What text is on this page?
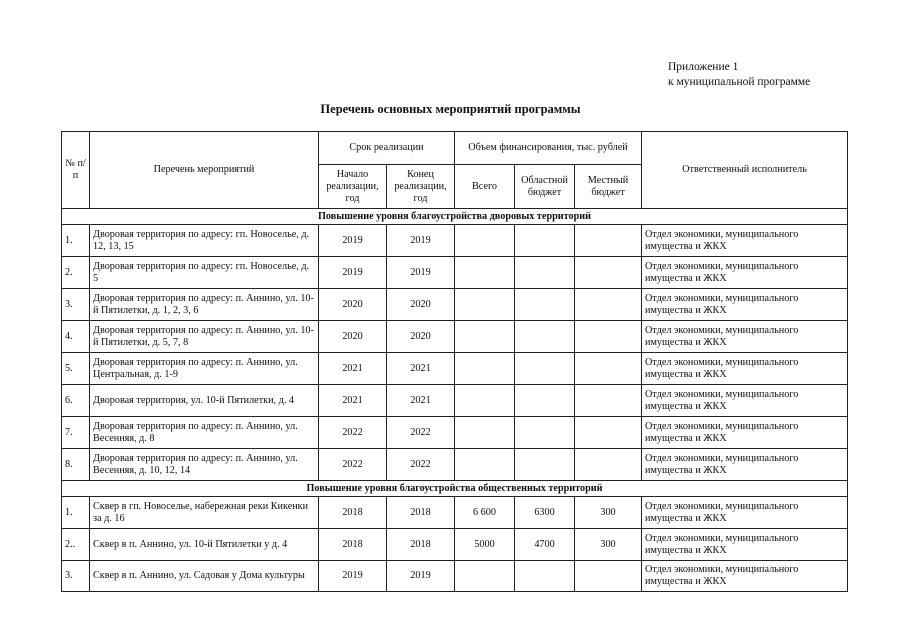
Приложение 1
к муниципальной программе
Перечень основных мероприятий программы
№ п/п	Перечень мероприятий	Срок реализации		Объем финансирования, тыс. рублей			Ответственный исполнитель
		Начало реализации, год	Конец реализации, год	Всего	Областной бюджет	Местный бюджет	
Повышение уровня благоустройства дворовых территорий							
1.	Дворовая территория по адресу: гп. Новоселье, д. 12, 13, 15	2019	2019				Отдел экономики, муниципального имущества и ЖКХ
2.	Дворовая территория по адресу: гп. Новоселье, д. 5	2019	2019				Отдел экономики, муниципального имущества и ЖКХ
3.	Дворовая территория по адресу: п. Аннино, ул. 10-й Пятилетки, д. 1, 2, 3, 6	2020	2020				Отдел экономики, муниципального имущества и ЖКХ
4.	Дворовая территория по адресу: п. Аннино, ул. 10-й Пятилетки, д. 5, 7, 8	2020	2020				Отдел экономики, муниципального имущества и ЖКХ
5.	Дворовая территория по адресу: п. Аннино, ул. Центральная, д. 1-9	2021	2021				Отдел экономики, муниципального имущества и ЖКХ
6.	Дворовая территория, ул. 10-й Пятилетки, д. 4	2021	2021				Отдел экономики, муниципального имущества и ЖКХ
7.	Дворовая территория по адресу: п. Аннино, ул. Весенняя, д. 8	2022	2022				Отдел экономики, муниципального имущества и ЖКХ
8.	Дворовая территория по адресу: п. Аннино, ул. Весенняя, д. 10, 12, 14	2022	2022				Отдел экономики, муниципального имущества и ЖКХ
Повышение уровня благоустройства общественных территорий							
1.	Сквер в гп. Новоселье, набережная реки Кикенки за д. 16	2018	2018	6 600	6300	300	Отдел экономики, муниципального имущества и ЖКХ
2..	Сквер в п. Аннино, ул. 10-й Пятилетки у д. 4	2018	2018	5000	4700	300	Отдел экономики, муниципального имущества и ЖКХ
3.	Сквер в п. Аннино, ул. Садовая у Дома культуры	2019	2019				Отдел экономики, муниципального имущества и ЖКХ
